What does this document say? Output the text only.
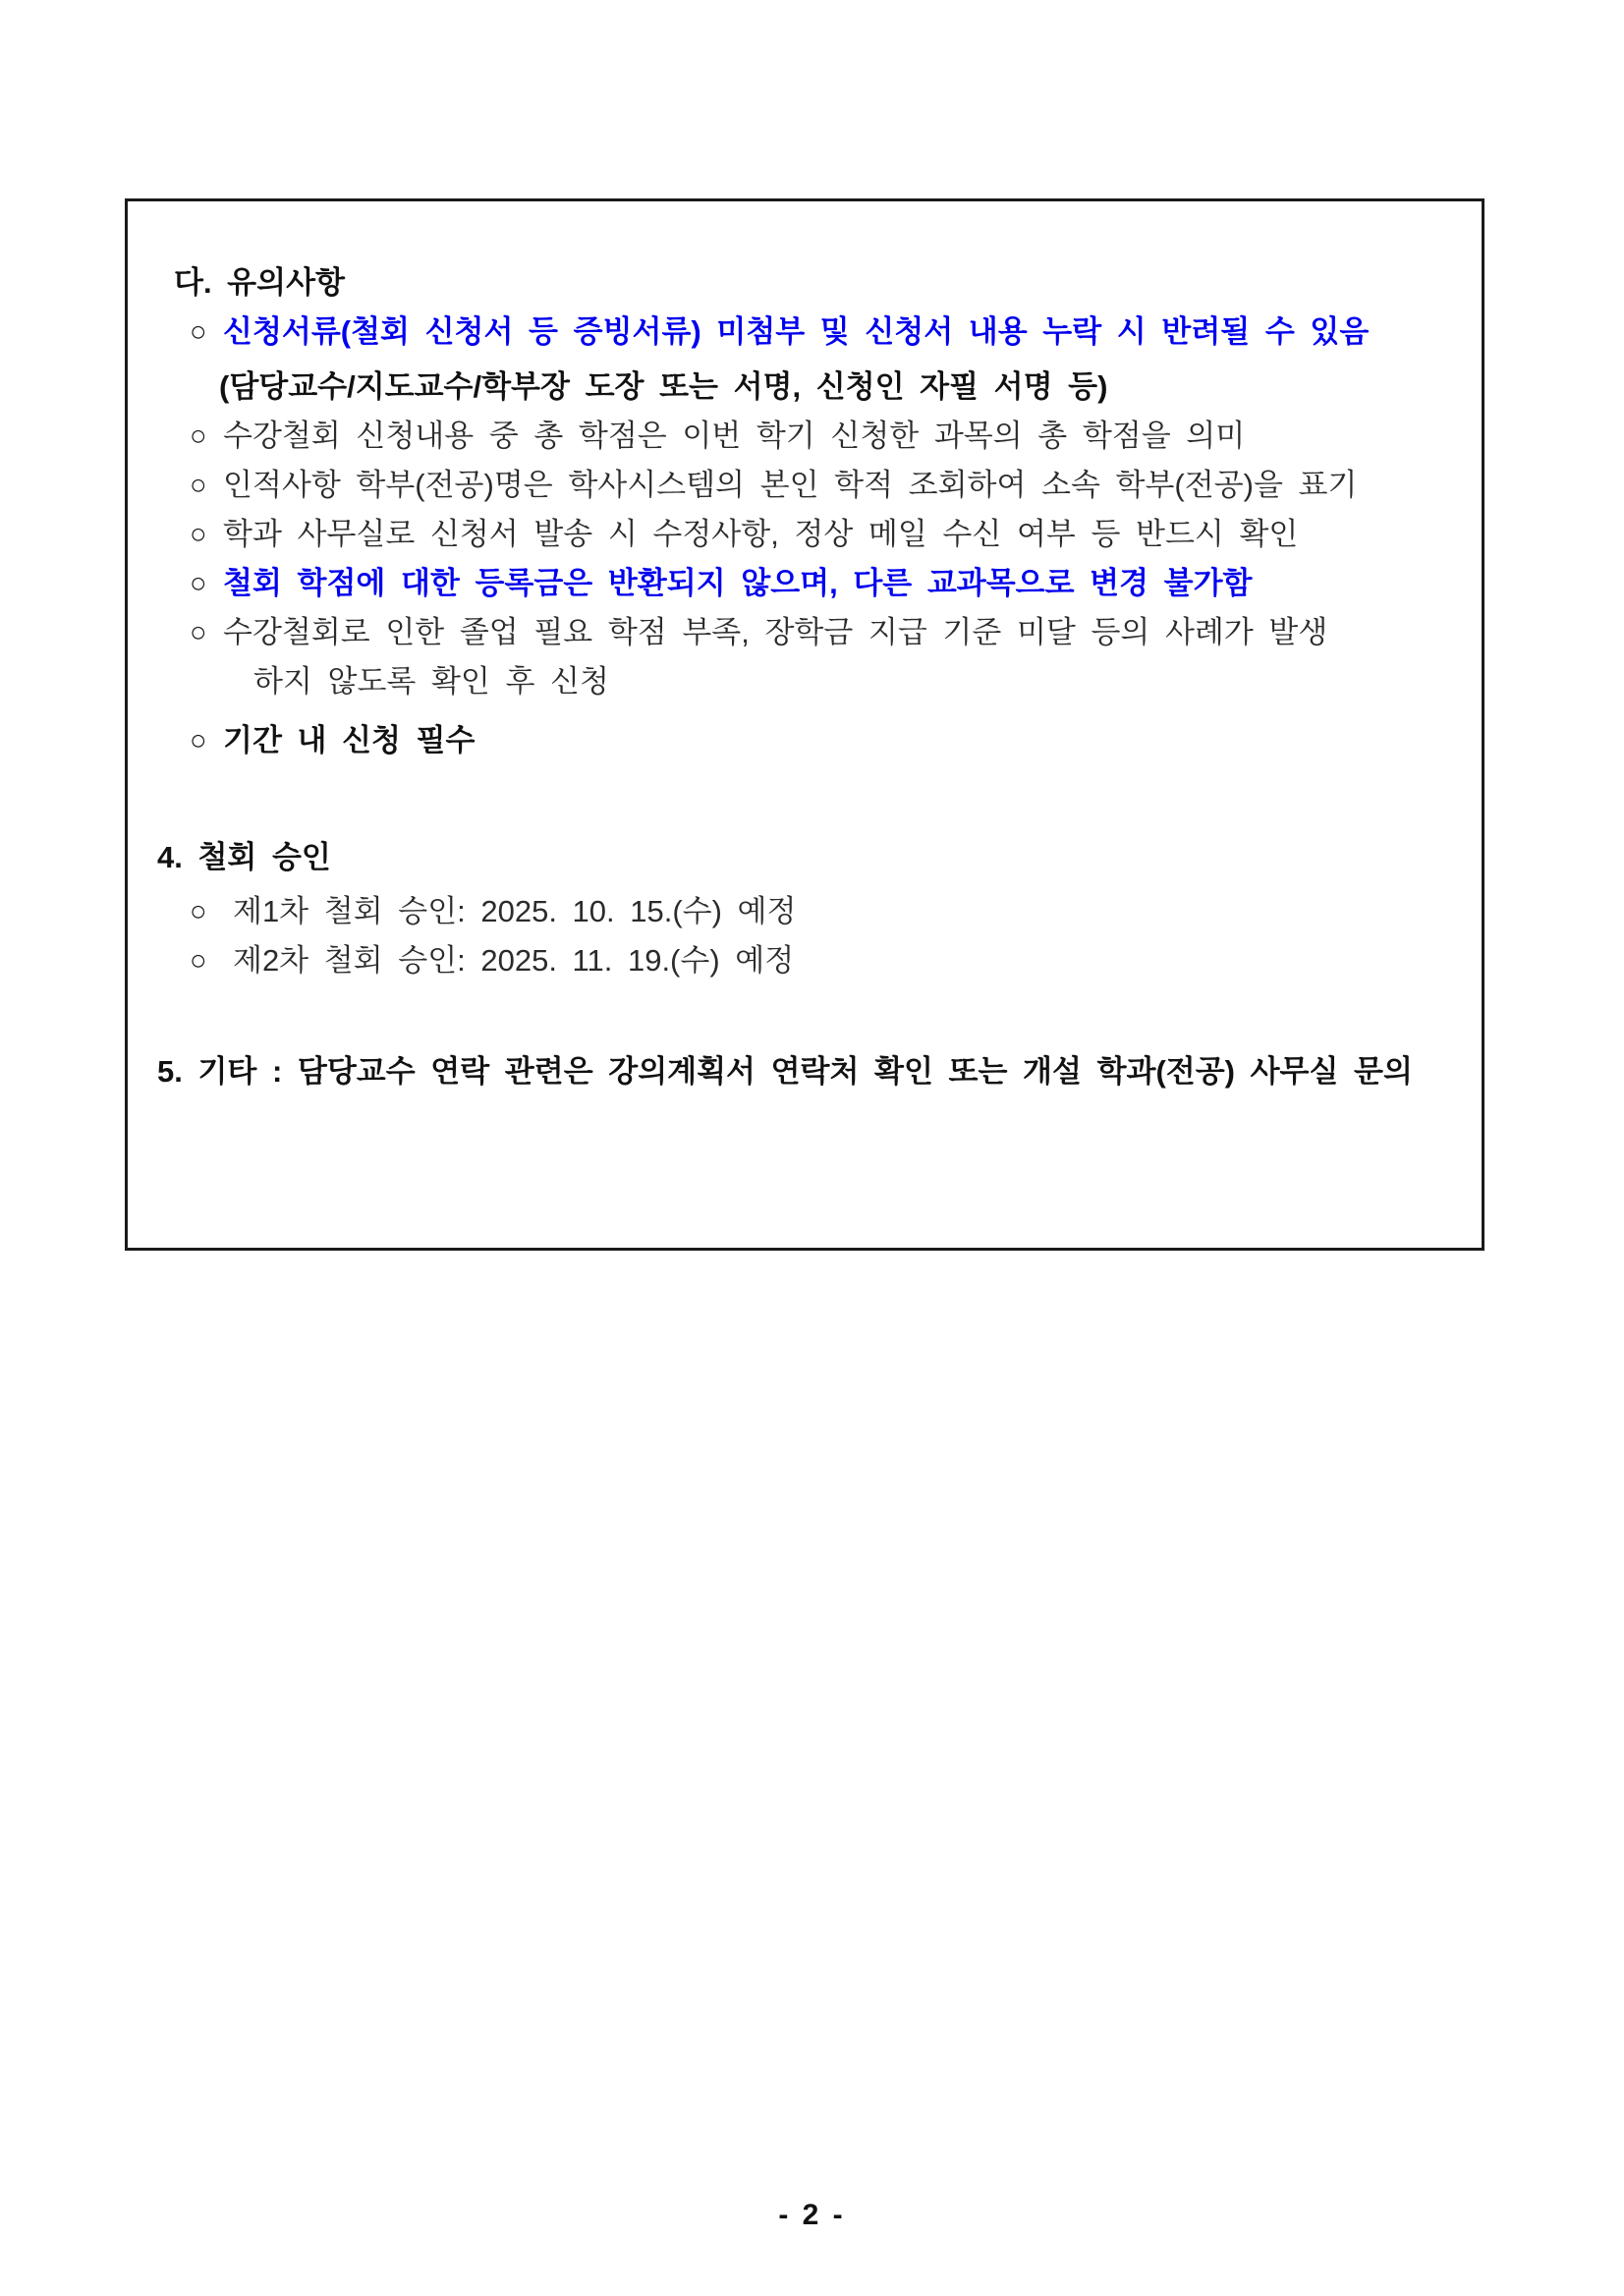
다. 유의사항
○ 신청서류(철회 신청서 등 증빙서류) 미첨부 및 신청서 내용 누락 시 반려될 수 있음
(담당교수/지도교수/학부장 도장 또는 서명, 신청인 자필 서명 등)
○ 수강철회 신청내용 중 총 학점은 이번 학기 신청한 과목의 총 학점을 의미
○ 인적사항 학부(전공)명은 학사시스템의 본인 학적 조회하여 소속 학부(전공)을 표기
○ 학과 사무실로 신청서 발송 시 수정사항, 정상 메일 수신 여부 등 반드시 확인
○ 철회 학점에 대한 등록금은 반환되지 않으며, 다른 교과목으로 변경 불가함
○ 수강철회로 인한 졸업 필요 학점 부족, 장학금 지급 기준 미달 등의 사례가 발생
하지 않도록 확인 후 신청
○ 기간 내 신청 필수
4. 철회 승인
○ 제1차 철회 승인: 2025. 10. 15.(수) 예정
○ 제2차 철회 승인: 2025. 11. 19.(수) 예정
5. 기타 : 담당교수 연락 관련은 강의계획서 연락처 확인 또는 개설 학과(전공) 사무실 문의
- 2 -
